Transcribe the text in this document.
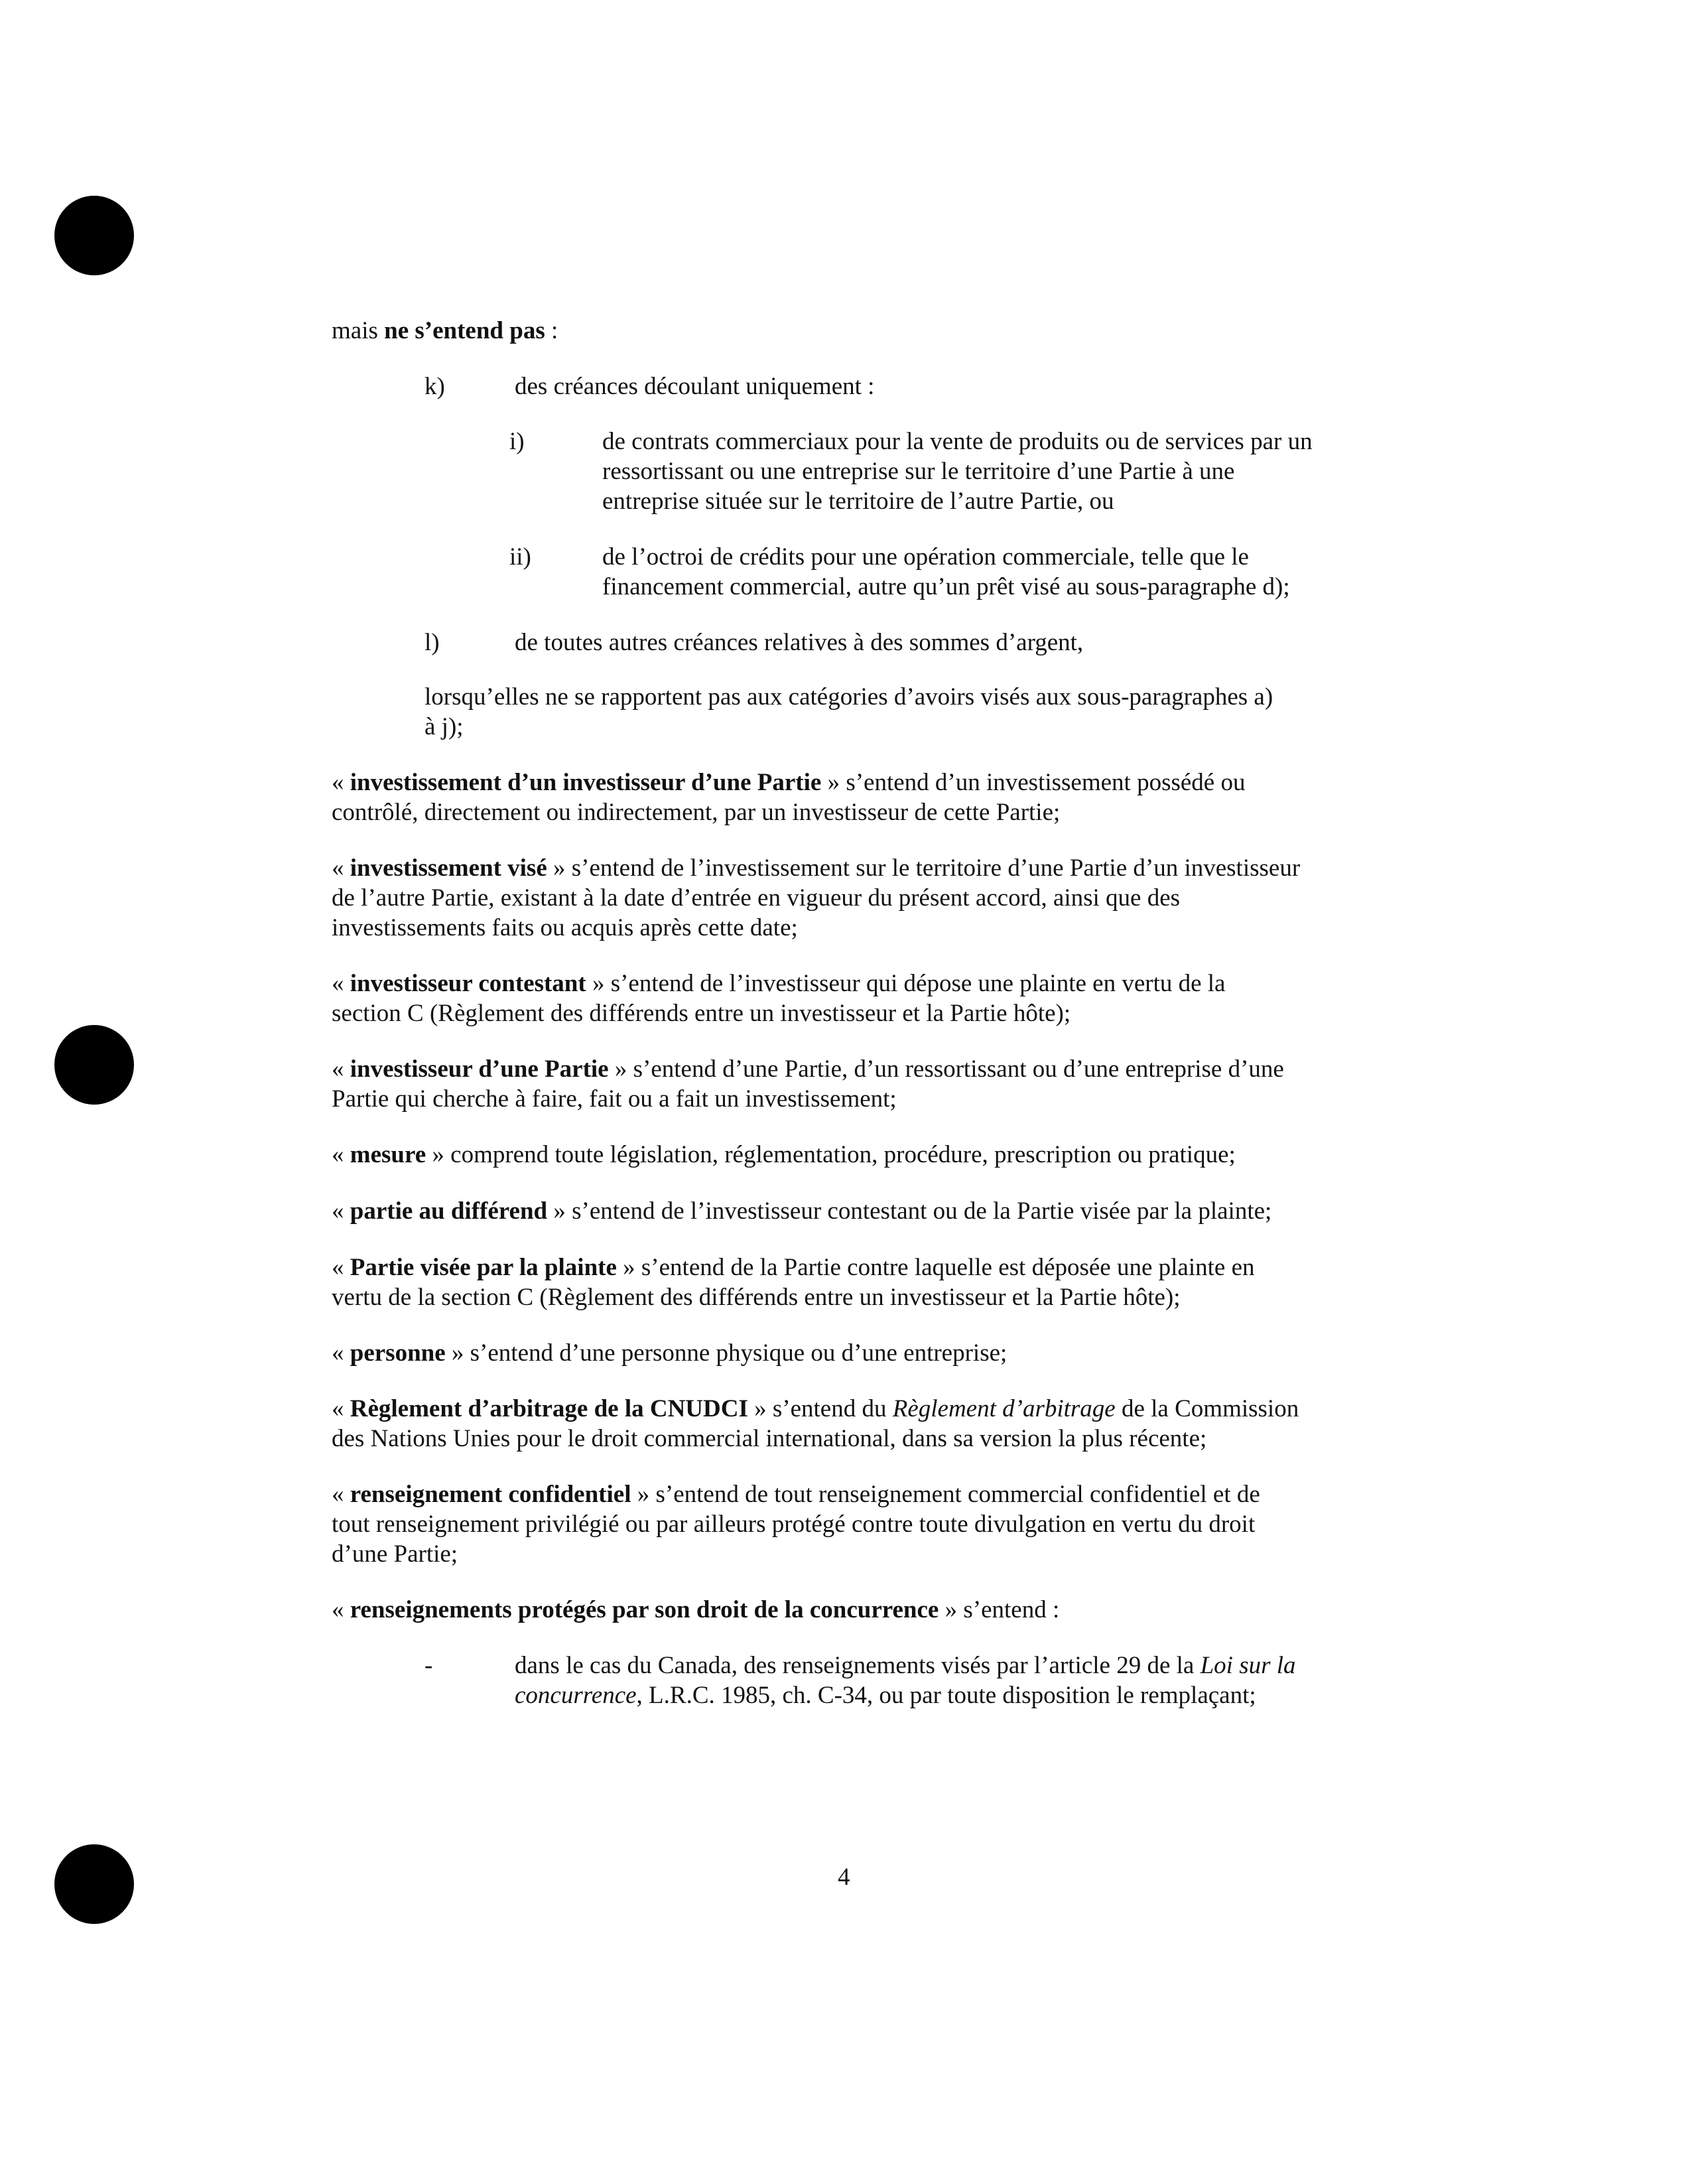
mais ne s’entend pas :
k)	des créances découlant uniquement :
i)	de contrats commerciaux pour la vente de produits ou de services par un
ressortissant ou une entreprise sur le territoire d’une Partie à une
entreprise située sur le territoire de l’autre Partie, ou
ii)	de l’octroi de crédits pour une opération commerciale, telle que le
financement commercial, autre qu’un prêt visé au sous-paragraphe d);
l)	de toutes autres créances relatives à des sommes d’argent,
lorsqu’elles ne se rapportent pas aux catégories d’avoirs visés aux sous-paragraphes a)
à j);
« investissement d’un investisseur d’une Partie » s’entend d’un investissement possédé ou
contrôlé, directement ou indirectement, par un investisseur de cette Partie;
« investissement visé » s’entend de l’investissement sur le territoire d’une Partie d’un investisseur
de l’autre Partie, existant à la date d’entrée en vigueur du présent accord, ainsi que des
investissements faits ou acquis après cette date;
« investisseur contestant » s’entend de l’investisseur qui dépose une plainte en vertu de la
section C (Règlement des différends entre un investisseur et la Partie hôte);
« investisseur d’une Partie » s’entend d’une Partie, d’un ressortissant ou d’une entreprise d’une
Partie qui cherche à faire, fait ou a fait un investissement;
« mesure » comprend toute législation, réglementation, procédure, prescription ou pratique;
« partie au différend » s’entend de l’investisseur contestant ou de la Partie visée par la plainte;
« Partie visée par la plainte » s’entend de la Partie contre laquelle est déposée une plainte en
vertu de la section C (Règlement des différends entre un investisseur et la Partie hôte);
« personne » s’entend d’une personne physique ou d’une entreprise;
« Règlement d’arbitrage de la CNUDCI » s’entend du Règlement d’arbitrage de la Commission
des Nations Unies pour le droit commercial international, dans sa version la plus récente;
« renseignement confidentiel » s’entend de tout renseignement commercial confidentiel et de
tout renseignement privilégié ou par ailleurs protégé contre toute divulgation en vertu du droit
d’une Partie;
« renseignements protégés par son droit de la concurrence » s’entend :
-	dans le cas du Canada, des renseignements visés par l’article 29 de la Loi sur la
concurrence, L.R.C. 1985, ch. C-34, ou par toute disposition le remplaçant;
4
